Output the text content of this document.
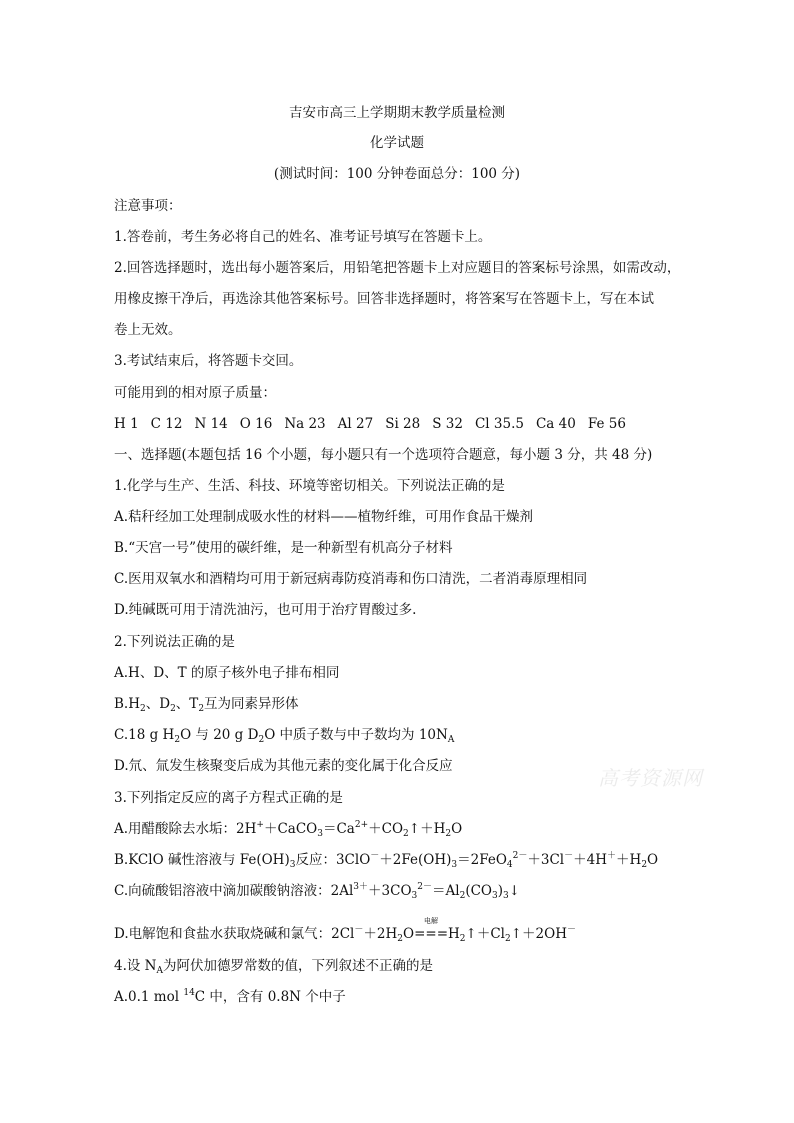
吉安市高三上学期期末教学质量检测
化学试题
(测试时间：100 分钟卷面总分：100 分)
注意事项：
1.答卷前，考生务必将自己的姓名、准考证号填写在答题卡上。
2.回答选择题时，选出每小题答案后，用铅笔把答题卡上对应题目的答案标号涂黑，如需改动，
用橡皮擦干净后，再选涂其他答案标号。回答非选择题时，将答案写在答题卡上，写在本试
卷上无效。
3.考试结束后，将答题卡交回。
可能用到的相对原子质量：
H 1 C 12 N 14 O 16 Na 23 Al 27 Si 28 S 32 Cl 35.5 Ca 40 Fe 56
一、选择题(本题包括 16 个小题，每小题只有一个选项符合题意，每小题 3 分，共 48 分)
1.化学与生产、生活、科技、环境等密切相关。下列说法正确的是
A.秸秆经加工处理制成吸水性的材料——植物纤维，可用作食品干燥剂
B.“天宫一号”使用的碳纤维，是一种新型有机高分子材料
C.医用双氧水和酒精均可用于新冠病毒防疫消毒和伤口清洗，二者消毒原理相同
D.纯碱既可用于清洗油污，也可用于治疗胃酸过多.
2.下列说法正确的是
A.H、D、T 的原子核外电子排布相同
$B.H_2$、$D_2$、$T_2$互为同素异形体
C.18 g $H_2O$ 与 20 g $D_2O$ 中质子数与中子数均为 $10N_A$
D.氘、氚发生核聚变后成为其他元素的变化属于化合反应
3.下列指定反应的离子方程式正确的是
A.用醋酸除去水垢：$2H^++CaCO_3=Ca^{2+}+CO_2↑+H_2O$
B.KClO 碱性溶液与 $Fe(OH)_3$反应：$3ClO^-+2Fe(OH)_3=2FeO_4^{2-}+3Cl^-+4H^++H_2O$
C.向硫酸铝溶液中滴加碳酸钠溶液：$2Al^{3+}+3CO_3^{2-}=Al_2(CO_3)_3↓$
D.电解饱和食盐水获取烧碱和氯气：$2Cl^-+2H_2O$
电解
$===H_2↑+Cl_2↑+2OH^-$
4.设 $N_A$为阿伏加德罗常数的值，下列叙述不正确的是
A.0.1 mol $^{14}$C 中，含有 0.8N 个中子
高考资源网
